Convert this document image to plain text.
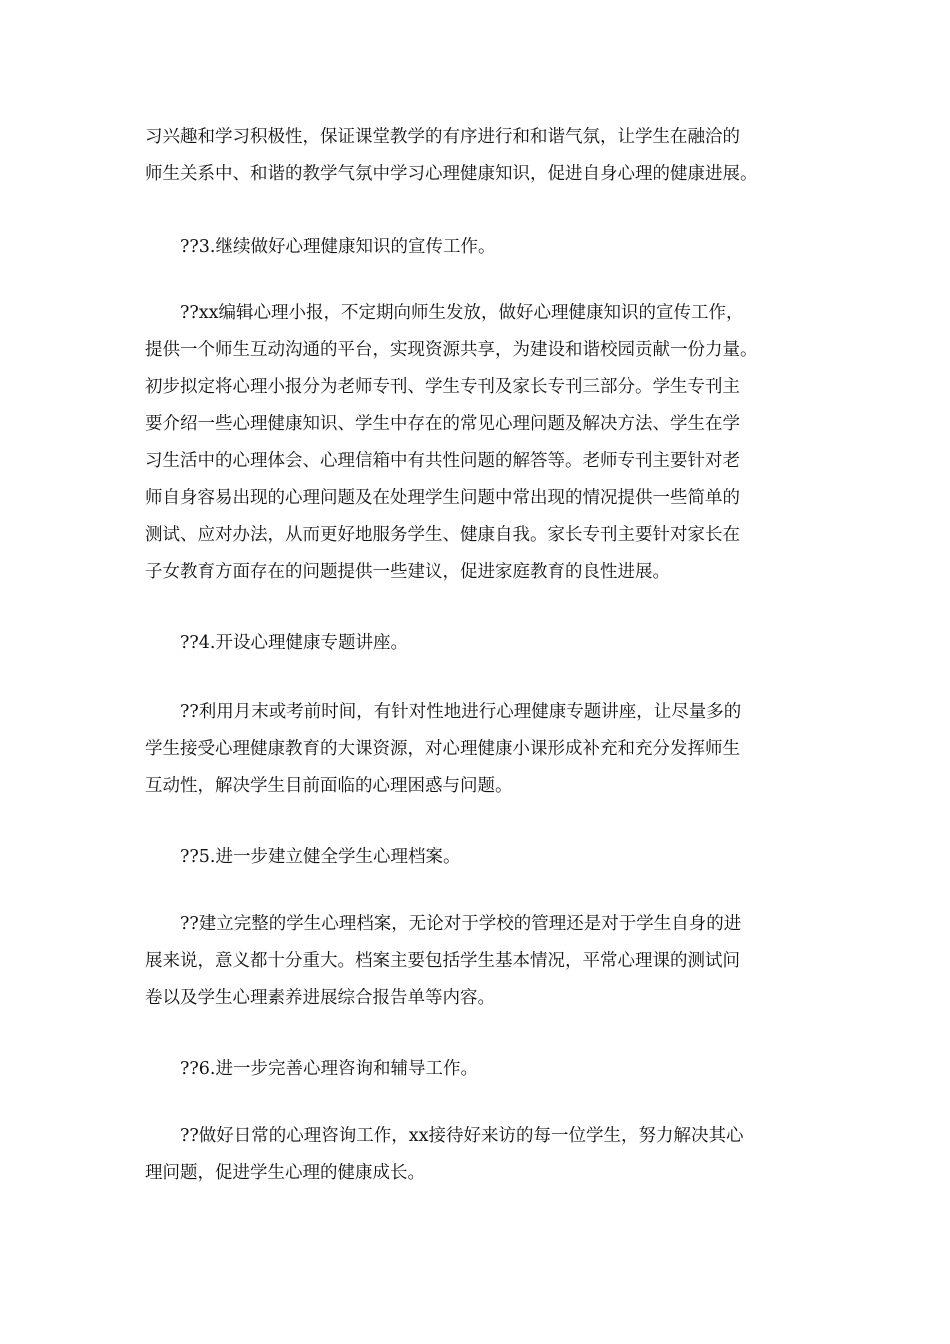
习兴趣和学习积极性，保证课堂教学的有序进行和和谐气氛，让学生在融洽的
师生关系中、和谐的教学气氛中学习心理健康知识，促进自身心理的健康进展。
??3.继续做好心理健康知识的宣传工作。
??xx编辑心理小报，不定期向师生发放，做好心理健康知识的宣传工作，
提供一个师生互动沟通的平台，实现资源共享，为建设和谐校园贡献一份力量。
初步拟定将心理小报分为老师专刊、学生专刊及家长专刊三部分。学生专刊主
要介绍一些心理健康知识、学生中存在的常见心理问题及解决方法、学生在学
习生活中的心理体会、心理信箱中有共性问题的解答等。老师专刊主要针对老
师自身容易出现的心理问题及在处理学生问题中常出现的情况提供一些简单的
测试、应对办法，从而更好地服务学生、健康自我。家长专刊主要针对家长在
子女教育方面存在的问题提供一些建议，促进家庭教育的良性进展。
??4.开设心理健康专题讲座。
??利用月末或考前时间，有针对性地进行心理健康专题讲座，让尽量多的
学生接受心理健康教育的大课资源，对心理健康小课形成补充和充分发挥师生
互动性，解决学生目前面临的心理困惑与问题。
??5.进一步建立健全学生心理档案。
??建立完整的学生心理档案，无论对于学校的管理还是对于学生自身的进
展来说，意义都十分重大。档案主要包括学生基本情况，平常心理课的测试问
卷以及学生心理素养进展综合报告单等内容。
??6.进一步完善心理咨询和辅导工作。
??做好日常的心理咨询工作，xx接待好来访的每一位学生，努力解决其心
理问题，促进学生心理的健康成长。
